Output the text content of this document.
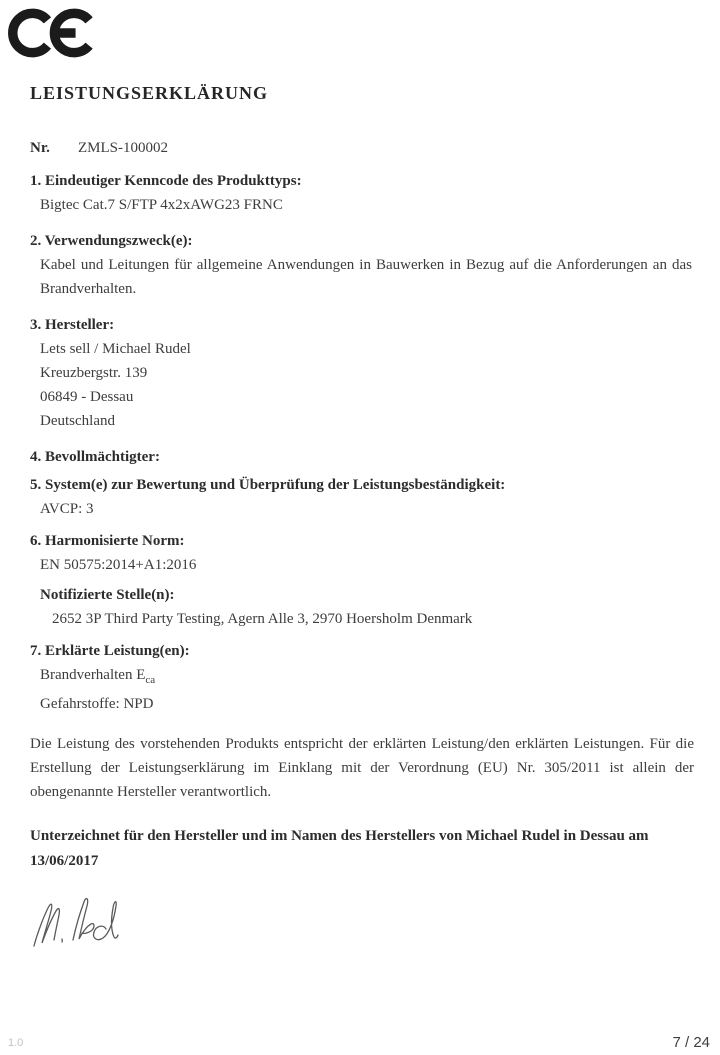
LEISTUNGSERKLÄRUNG
Nr. ZMLS-100002
1. Eindeutiger Kenncode des Produkttyps:
Bigtec Cat.7 S/FTP 4x2xAWG23 FRNC
2. Verwendungszweck(e):
Kabel und Leitungen für allgemeine Anwendungen in Bauwerken in Bezug auf die Anforderungen an das Brandverhalten.
3. Hersteller:
Lets sell / Michael Rudel
Kreuzbergstr. 139
06849 - Dessau
Deutschland
4. Bevollmächtigter:
5. System(e) zur Bewertung und Überprüfung der Leistungsbeständigkeit:
AVCP: 3
6. Harmonisierte Norm:
EN 50575:2014+A1:2016
Notifizierte Stelle(n):
2652 3P Third Party Testing, Agern Alle 3, 2970 Hoersholm Denmark
7. Erklärte Leistung(en):
Brandverhalten $E_{ca}$
Gefahrstoffe: NPD
Die Leistung des vorstehenden Produkts entspricht der erklärten Leistung/den erklärten Leistungen. Für die Erstellung der Leistungserklärung im Einklang mit der Verordnung (EU) Nr. 305/2011 ist allein der obengenannte Hersteller verantwortlich.
Unterzeichnet für den Hersteller und im Namen des Herstellers von Michael Rudel in Dessau am
13/06/2017
1.0	7 / 24
